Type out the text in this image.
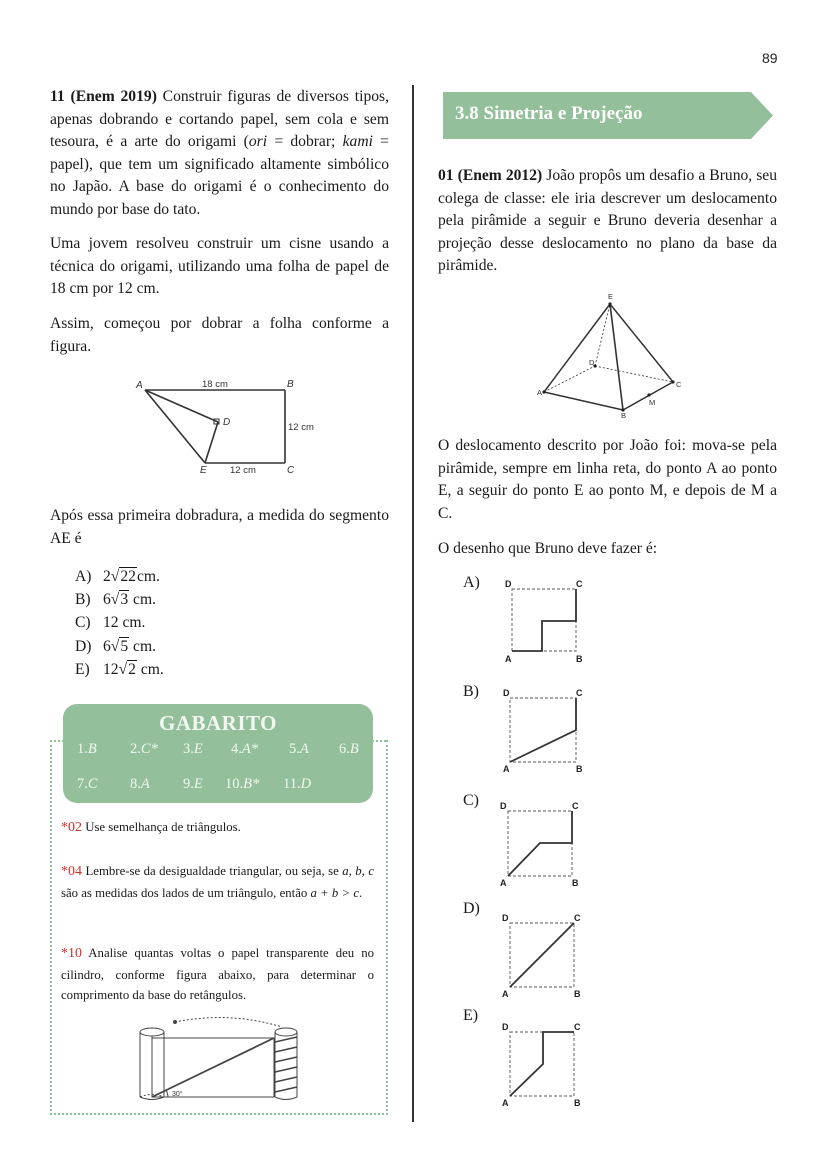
89
11 (Enem 2019) Construir figuras de diversos tipos, apenas dobrando e cortando papel, sem cola e sem tesoura, é a arte do origami (ori = dobrar; kami = papel), que tem um significado altamente simbólico no Japão. A base do origami é o conhecimento do mundo por base do tato.
Uma jovem resolveu construir um cisne usando a técnica do origami, utilizando uma folha de papel de 18 cm por 12 cm.
Assim, começou por dobrar a folha conforme a figura.
A	B
C
D
E
18 cm
12 cm
12 cm
Após essa primeira dobradura, a medida do segmento AE é
A) 2√22cm.
B) 6√3 cm.
C) 12 cm.
D) 6√5 cm.
E) 12√2 cm.
GABARITO
1.B 2.C* 3.E 4.A* 5.A 6.B
7.C 8.A 9.E 10.B* 11.D
*02 Use semelhança de triângulos.
*04 Lembre-se da desigualdade triangular, ou seja, se a, b, c são as medidas dos lados de um triângulo, então a + b > c.
*10 Analise quantas voltas o papel transparente deu no cilindro, conforme figura abaixo, para determinar o comprimento da base do retângulos.
30°
3.8 Simetria e Projeção
01 (Enem 2012) João propôs um desafio a Bruno, seu colega de classe: ele iria descrever um deslocamento pela pirâmide a seguir e Bruno deveria desenhar a projeção desse deslocamento no plano da base da pirâmide.
E
D
A
B
C
M
O deslocamento descrito por João foi: mova-se pela pirâmide, sempre em linha reta, do ponto A ao ponto E, a seguir do ponto E ao ponto M, e depois de M a C.
O desenho que Bruno deve fazer é:
A)	D	C
A	B
B)	D	C
A	B
C) D	C
A	B
D)
D	C
A	B
E)
D	C
A	B
